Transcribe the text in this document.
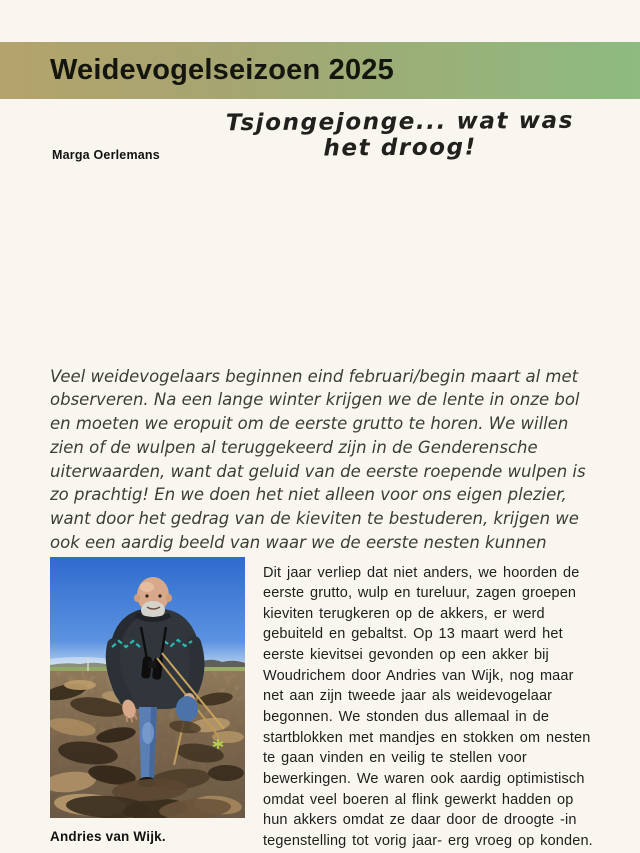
Weidevogelseizoen 2025
Tsjongejonge... wat was het droog!
Marga Oerlemans

Veel weidevogelaars beginnen eind februari/begin maart al met observeren. Na een lange winter krijgen we de lente in onze bol en moeten we eropuit om de eerste grutto te horen. We willen zien of de wulpen al teruggekeerd zijn in de Genderensche uiterwaarden, want dat geluid van de eerste roepende wulpen is zo prachtig! En we doen het niet alleen voor ons eigen plezier, want door het gedrag van de kieviten te bestuderen, krijgen we ook een aardig beeld van waar we de eerste nesten kunnen

Andries van Wijk.

Dit jaar verliep dat niet anders, we hoorden de eerste grutto, wulp en tureluur, zagen groepen kieviten terugkeren op de akkers, er werd gebuiteld en gebaltst. Op 13 maart werd het eerste kievitsei gevonden op een akker bij Woudrichem door Andries van Wijk, nog maar net aan zijn tweede jaar als weidevogelaar begonnen. We stonden dus allemaal in de startblokken met mandjes en stokken om nesten te gaan vinden en veilig te stellen voor bewerkingen. We waren ook aardig optimistisch omdat veel boeren al flink gewerkt hadden op hun akkers omdat ze daar door de droogte -in tegenstelling tot vorig jaar- erg vroeg op konden.
